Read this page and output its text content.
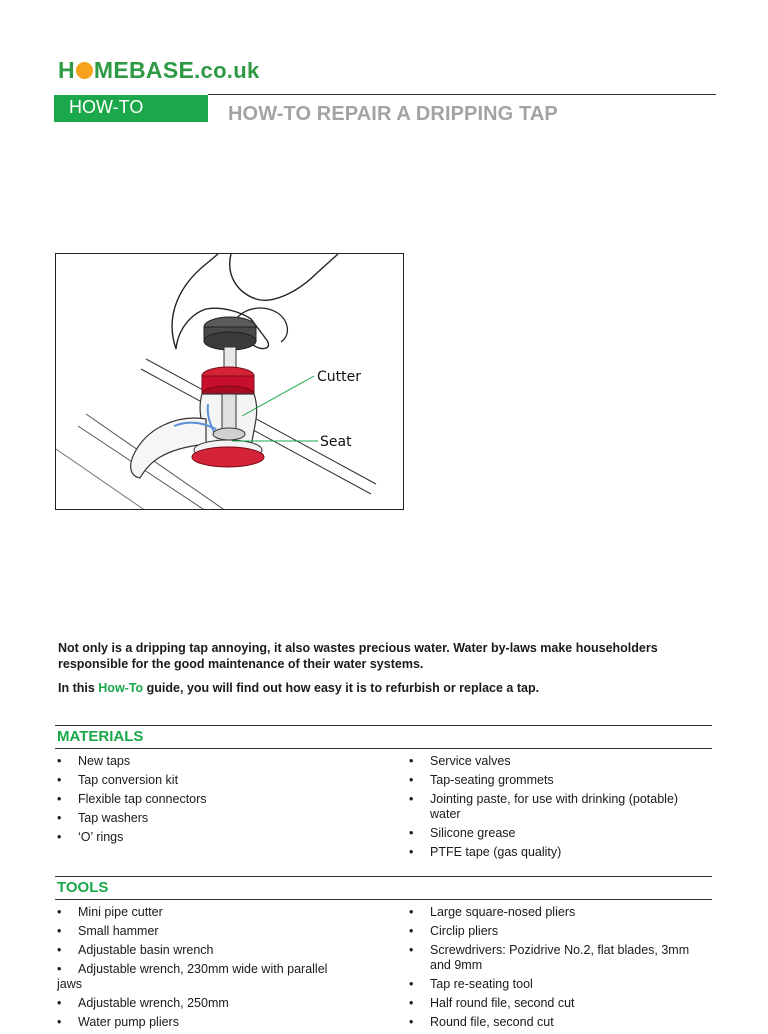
H MEBASE.co.uk
HOW-TO	HOW-TO REPAIR A DRIPPING TAP
Cutter
Seat

Not only is a dripping tap annoying, it also wastes precious water. Water by-laws make householders responsible for the good maintenance of their water systems.

In this How-To guide, you will find out how easy it is to refurbish or replace a tap.

MATERIALS
• New taps
• Tap conversion kit
• Flexible tap connectors
• Tap washers
• ‘O’ rings
• Service valves
• Tap-seating grommets
• Jointing paste, for use with drinking (potable) water
• Silicone grease
• PTFE tape (gas quality)
TOOLS
• Mini pipe cutter
• Small hammer
• Adjustable basin wrench
• Adjustable wrench, 230mm wide with parallel
jaws
• Adjustable wrench, 250mm
• Water pump pliers
• Large square-nosed pliers
• Circlip pliers
• Screwdrivers: Pozidrive No.2, flat blades, 3mm and 9mm
• Tap re-seating tool
• Half round file, second cut
• Round file, second cut
